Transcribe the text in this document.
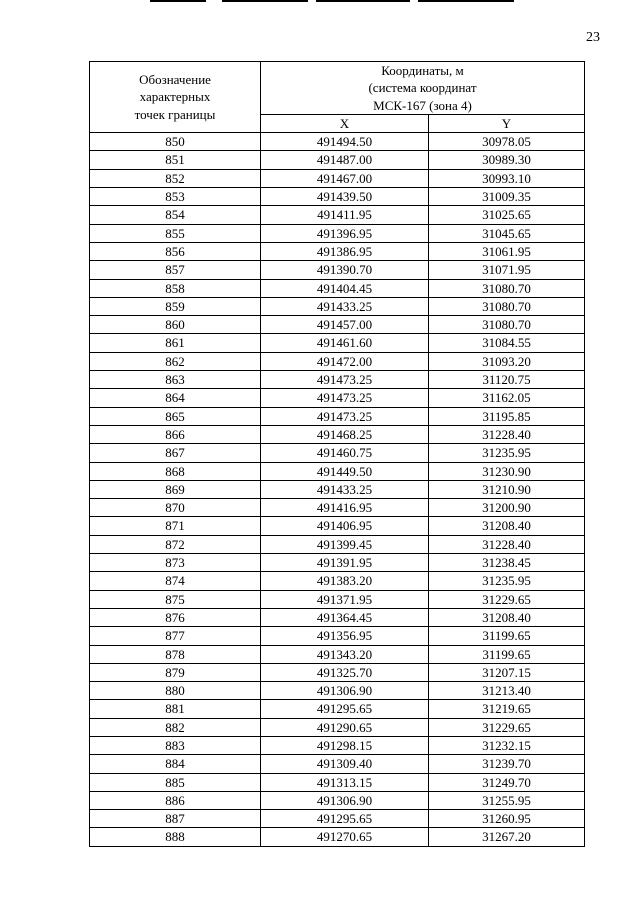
23
Обозначение
характерных
точек границы	Координаты, м
(система координат
МСК-167 (зона 4)	

	X	Y
850	491494.50	30978.05
851	491487.00	30989.30
852	491467.00	30993.10
853	491439.50	31009.35
854	491411.95	31025.65
855	491396.95	31045.65
856	491386.95	31061.95
857	491390.70	31071.95
858	491404.45	31080.70
859	491433.25	31080.70
860	491457.00	31080.70
861	491461.60	31084.55
862	491472.00	31093.20
863	491473.25	31120.75
864	491473.25	31162.05
865	491473.25	31195.85
866	491468.25	31228.40
867	491460.75	31235.95
868	491449.50	31230.90
869	491433.25	31210.90
870	491416.95	31200.90
871	491406.95	31208.40
872	491399.45	31228.40
873	491391.95	31238.45
874	491383.20	31235.95
875	491371.95	31229.65
876	491364.45	31208.40
877	491356.95	31199.65
878	491343.20	31199.65
879	491325.70	31207.15
880	491306.90	31213.40
881	491295.65	31219.65
882	491290.65	31229.65
883	491298.15	31232.15
884	491309.40	31239.70
885	491313.15	31249.70
886	491306.90	31255.95
887	491295.65	31260.95
888	491270.65	31267.20
